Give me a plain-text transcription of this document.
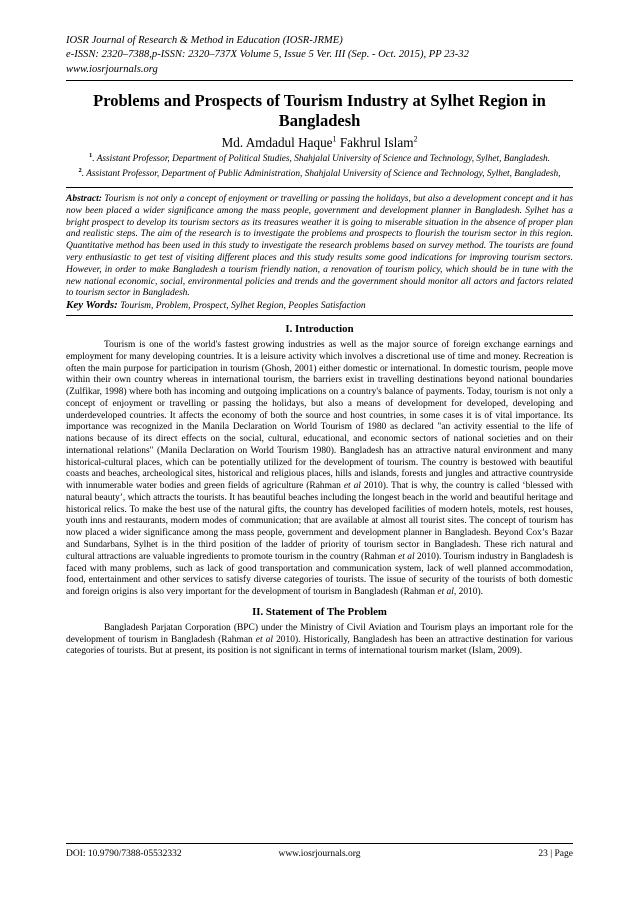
IOSR Journal of Research & Method in Education (IOSR-JRME)
e-ISSN: 2320–7388,p-ISSN: 2320–737X Volume 5, Issue 5 Ver. III (Sep. - Oct. 2015), PP 23-32
www.iosrjournals.org
Problems and Prospects of Tourism Industry at Sylhet Region in Bangladesh
Md. Amdadul Haque$^1$ Fakhrul Islam$^2$
$^1$. Assistant Professor, Department of Political Studies, Shahjalal University of Science and Technology, Sylhet, Bangladesh.
$^2$. Assistant Professor, Department of Public Administration, Shahjalal University of Science and Technology, Sylhet, Bangladesh,
Abstract: Tourism is not only a concept of enjoyment or travelling or passing the holidays, but also a development concept and it has now been placed a wider significance among the mass people, government and development planner in Bangladesh. Sylhet has a bright prospect to develop its tourism sectors as its treasures weather it is going to miserable situation in the absence of proper plan and realistic steps. The aim of the research is to investigate the problems and prospects to flourish the tourism sector in this region. Quantitative method has been used in this study to investigate the research problems based on survey method. The tourists are found very enthusiastic to get test of visiting different places and this study results some good indications for improving tourism sectors. However, in order to make Bangladesh a tourism friendly nation, a renovation of tourism policy, which should be in tune with the new national economic, social, environmental policies and trends and the government should monitor all actors and factors related to tourism sector in Bangladesh.
Key Words: Tourism, Problem, Prospect, Sylhet Region, Peoples Satisfaction
I. Introduction

Tourism is one of the world's fastest growing industries as well as the major source of foreign exchange earnings and employment for many developing countries. It is a leisure activity which involves a discretional use of time and money. Recreation is often the main purpose for participation in tourism (Ghosh, 2001) either domestic or international. In domestic tourism, people move within their own country whereas in international tourism, the barriers exist in travelling destinations beyond national boundaries (Zulfikar, 1998) where both has incoming and outgoing implications on a country's balance of payments. Today, tourism is not only a concept of enjoyment or travelling or passing the holidays, but also a means of development for developed, developing and underdeveloped countries. It affects the economy of both the source and host countries, in some cases it is of vital importance. Its importance was recognized in the Manila Declaration on World Tourism of 1980 as declared "an activity essential to the life of nations because of its direct effects on the social, cultural, educational, and economic sectors of national societies and on their international relations" (Manila Declaration on World Tourism 1980). Bangladesh has an attractive natural environment and many historical-cultural places, which can be potentially utilized for the development of tourism. The country is bestowed with beautiful coasts and beaches, archeological sites, historical and religious places, hills and islands, forests and jungles and attractive countryside with innumerable water bodies and green fields of agriculture (Rahman et al 2010). That is why, the country is called ‘blessed with natural beauty’, which attracts the tourists. It has beautiful beaches including the longest beach in the world and beautiful heritage and historical relics. To make the best use of the natural gifts, the country has developed facilities of modern hotels, motels, rest houses, youth inns and restaurants, modern modes of communication; that are available at almost all tourist sites. The concept of tourism has now placed a wider significance among the mass people, government and development planner in Bangladesh. Beyond Cox’s Bazar and Sundarbans, Sylhet is in the third position of the ladder of priority of tourism sector in Bangladesh. These rich natural and cultural attractions are valuable ingredients to promote tourism in the country (Rahman et al 2010). Tourism industry in Bangladesh is faced with many problems, such as lack of good transportation and communication system, lack of well planned accommodation, food, entertainment and other services to satisfy diverse categories of tourists. The issue of security of the tourists of both domestic and foreign origins is also very important for the development of tourism in Bangladesh (Rahman et al, 2010).

II. Statement of The Problem

Bangladesh Parjatan Corporation (BPC) under the Ministry of Civil Aviation and Tourism plays an important role for the development of tourism in Bangladesh (Rahman et al 2010). Historically, Bangladesh has been an attractive destination for various categories of tourists. But at present, its position is not significant in terms of international tourism market (Islam, 2009).

DOI: 10.9790/7388-05532332	www.iosrjournals.org	23 | Page
